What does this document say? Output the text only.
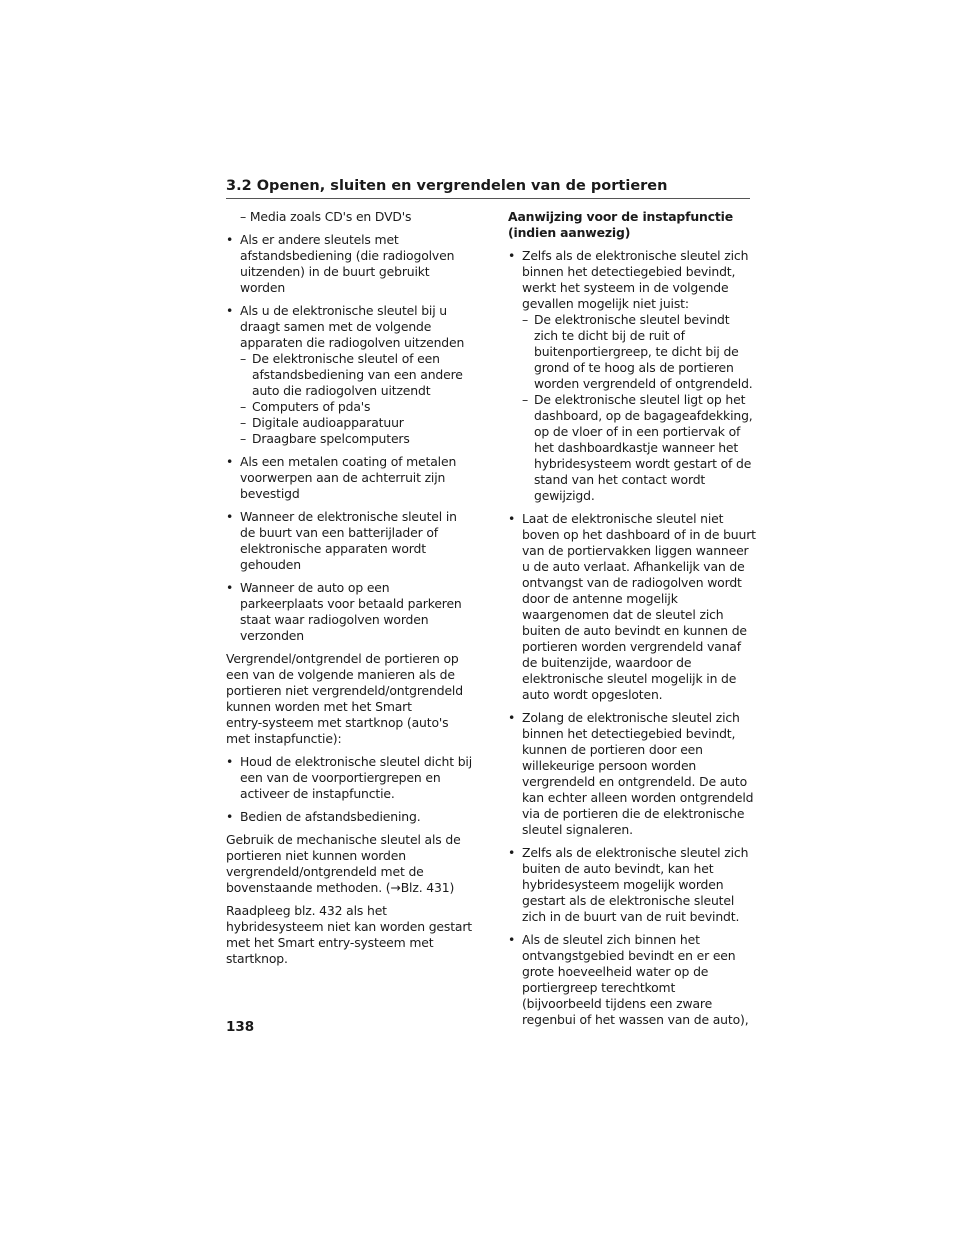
3.2 Openen, sluiten en vergrendelen van de portieren
– Media zoals CD's en DVD's
• Als er andere sleutels met
afstandsbediening (die radiogolven
uitzenden) in de buurt gebruikt
worden
• Als u de elektronische sleutel bij u
draagt samen met de volgende
apparaten die radiogolven uitzenden
– De elektronische sleutel of een
afstandsbediening van een andere
auto die radiogolven uitzendt
– Computers of pda's
– Digitale audioapparatuur
– Draagbare spelcomputers
• Als een metalen coating of metalen
voorwerpen aan de achterruit zijn
bevestigd
• Wanneer de elektronische sleutel in
de buurt van een batterijlader of
elektronische apparaten wordt
gehouden
• Wanneer de auto op een
parkeerplaats voor betaald parkeren
staat waar radiogolven worden
verzonden
Vergrendel/ontgrendel de portieren op
een van de volgende manieren als de
portieren niet vergrendeld/ontgrendeld
kunnen worden met het Smart
entry-systeem met startknop (auto's
met instapfunctie):
• Houd de elektronische sleutel dicht bij
een van de voorportiergrepen en
activeer de instapfunctie.
• Bedien de afstandsbediening.
Gebruik de mechanische sleutel als de
portieren niet kunnen worden
vergrendeld/ontgrendeld met de
bovenstaande methoden. (→Blz. 431)
Raadpleeg blz. 432 als het
hybridesysteem niet kan worden gestart
met het Smart entry-systeem met
startknop.
Aanwijzing voor de instapfunctie
(indien aanwezig)
• Zelfs als de elektronische sleutel zich
binnen het detectiegebied bevindt,
werkt het systeem in de volgende
gevallen mogelijk niet juist:
– De elektronische sleutel bevindt
zich te dicht bij de ruit of
buitenportiergreep, te dicht bij de
grond of te hoog als de portieren
worden vergrendeld of ontgrendeld.
– De elektronische sleutel ligt op het
dashboard, op de bagageafdekking,
op de vloer of in een portiervak of
het dashboardkastje wanneer het
hybridesysteem wordt gestart of de
stand van het contact wordt
gewijzigd.
• Laat de elektronische sleutel niet
boven op het dashboard of in de buurt
van de portiervakken liggen wanneer
u de auto verlaat. Afhankelijk van de
ontvangst van de radiogolven wordt
door de antenne mogelijk
waargenomen dat de sleutel zich
buiten de auto bevindt en kunnen de
portieren worden vergrendeld vanaf
de buitenzijde, waardoor de
elektronische sleutel mogelijk in de
auto wordt opgesloten.
• Zolang de elektronische sleutel zich
binnen het detectiegebied bevindt,
kunnen de portieren door een
willekeurige persoon worden
vergrendeld en ontgrendeld. De auto
kan echter alleen worden ontgrendeld
via de portieren die de elektronische
sleutel signaleren.
• Zelfs als de elektronische sleutel zich
buiten de auto bevindt, kan het
hybridesysteem mogelijk worden
gestart als de elektronische sleutel
zich in de buurt van de ruit bevindt.
• Als de sleutel zich binnen het
ontvangstgebied bevindt en er een
grote hoeveelheid water op de
portiergreep terechtkomt
(bijvoorbeeld tijdens een zware
regenbui of het wassen van de auto),
138
